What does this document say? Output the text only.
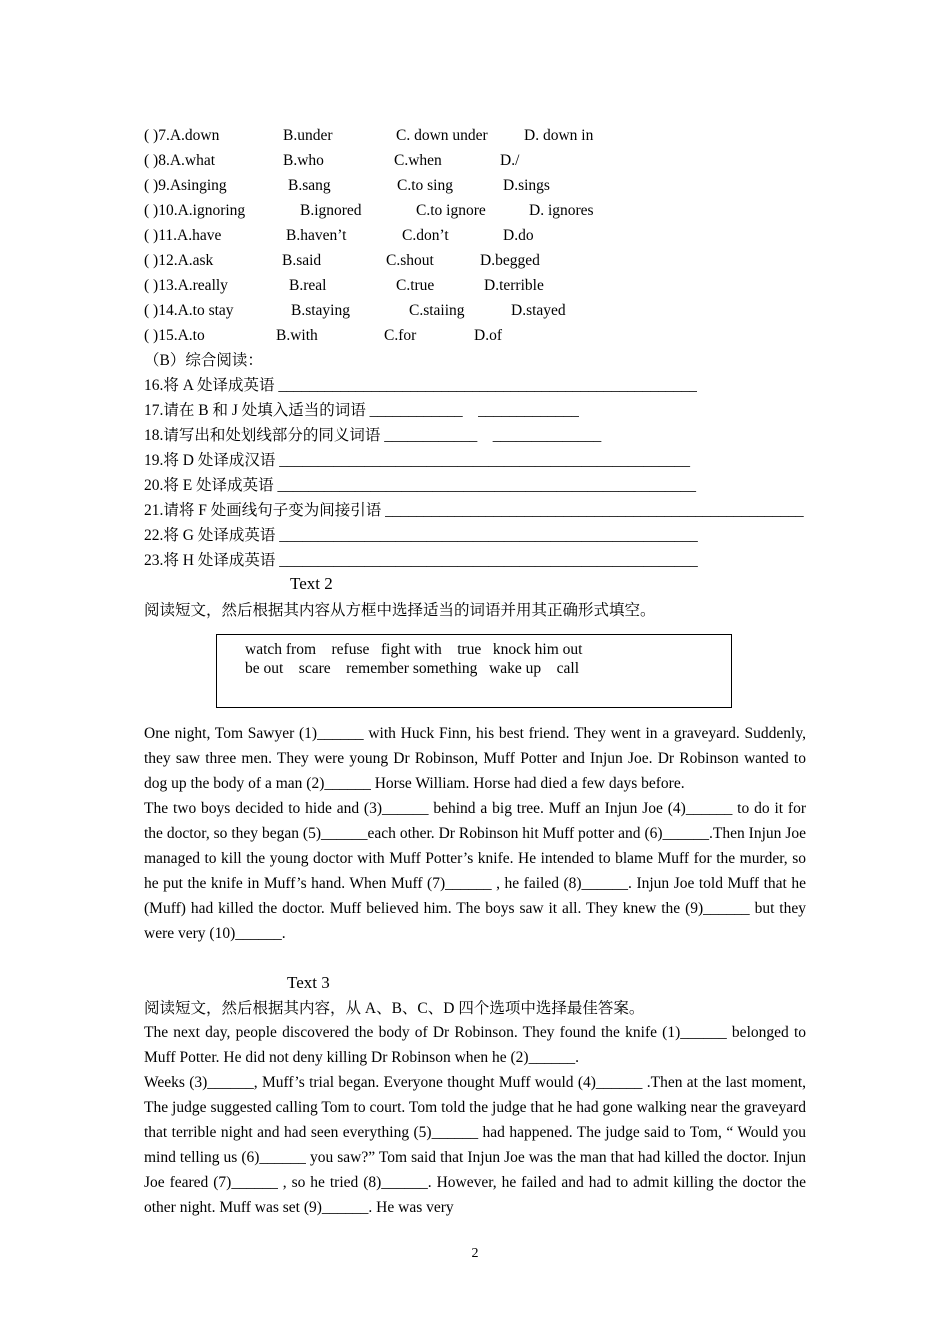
( )7.A.down	B.under	C. down under D. down in
( )8.A.what	B.who	C.when	D./
( )9.Asinging	B.sang	C.to sing	D.sings
( )10.A.ignoring	B.ignored	C.to ignore	D. ignores
( )11.A.have	B.haven’t	C.don’t	D.do
( )12.A.ask	B.said	C.shout	D.begged
( )13.A.really	B.real	C.true	D.terrible
( )14.A.to stay	B.staying	C.staiing	D.stayed
( )15.A.to	B.with	C.for	D.of
（B）综合阅读：
16.将 A 处译成英语 ______________________________________________________
17.请在 B 和 J 处填入适当的词语 ____________    _____________
18.请写出和处划线部分的同义词语 ____________    ______________
19.将 D 处译成汉语 _____________________________________________________
20.将 E 处译成英语 ______________________________________________________
21.请将 F 处画线句子变为间接引语 ______________________________________________________
22.将 G 处译成英语 ______________________________________________________
23.将 H 处译成英语 ______________________________________________________
Text 2
阅读短文，然后根据其内容从方框中选择适当的词语并用其正确形式填空。
watch from    refuse   fight with    true   knock him out
be out    scare    remember something   wake up    call

One night, Tom Sawyer (1)______ with Huck Finn, his best friend. They went in a graveyard. Suddenly, they saw three men. They were young Dr Robinson, Muff Potter and Injun Joe. Dr Robinson wanted to dog up the body of a man (2)______ Horse William. Horse had died a few days before.

The two boys decided to hide and (3)______ behind a big tree. Muff an Injun Joe (4)______ to do it for the doctor, so they began (5)______each other. Dr Robinson hit Muff potter and (6)______.Then Injun Joe managed to kill the young doctor with Muff Potter’s knife. He intended to blame Muff for the murder, so he put the knife in Muff’s hand. When Muff (7)______ , he failed (8)______. Injun Joe told Muff that he (Muff) had killed the doctor. Muff believed him. The boys saw it all. They knew the (9)______ but they were very (10)______.

Text 3
阅读短文，然后根据其内容，从 A、B、C、D 四个选项中选择最佳答案。

The next day, people discovered the body of Dr Robinson. They found the knife (1)______ belonged to Muff Potter. He did not deny killing Dr Robinson when he (2)______.

Weeks (3)______, Muff’s trial began. Everyone thought Muff would (4)______ .Then at the last moment, The judge suggested calling Tom to court. Tom told the judge that he had gone walking near the graveyard that terrible night and had seen everything (5)______ had happened. The judge said to Tom, “ Would you mind telling us (6)______ you saw?” Tom said that Injun Joe was the man that had killed the doctor. Injun Joe feared (7)______ , so he tried (8)______. However, he failed and had to admit killing the doctor the other night. Muff was set (9)______. He was very

2
